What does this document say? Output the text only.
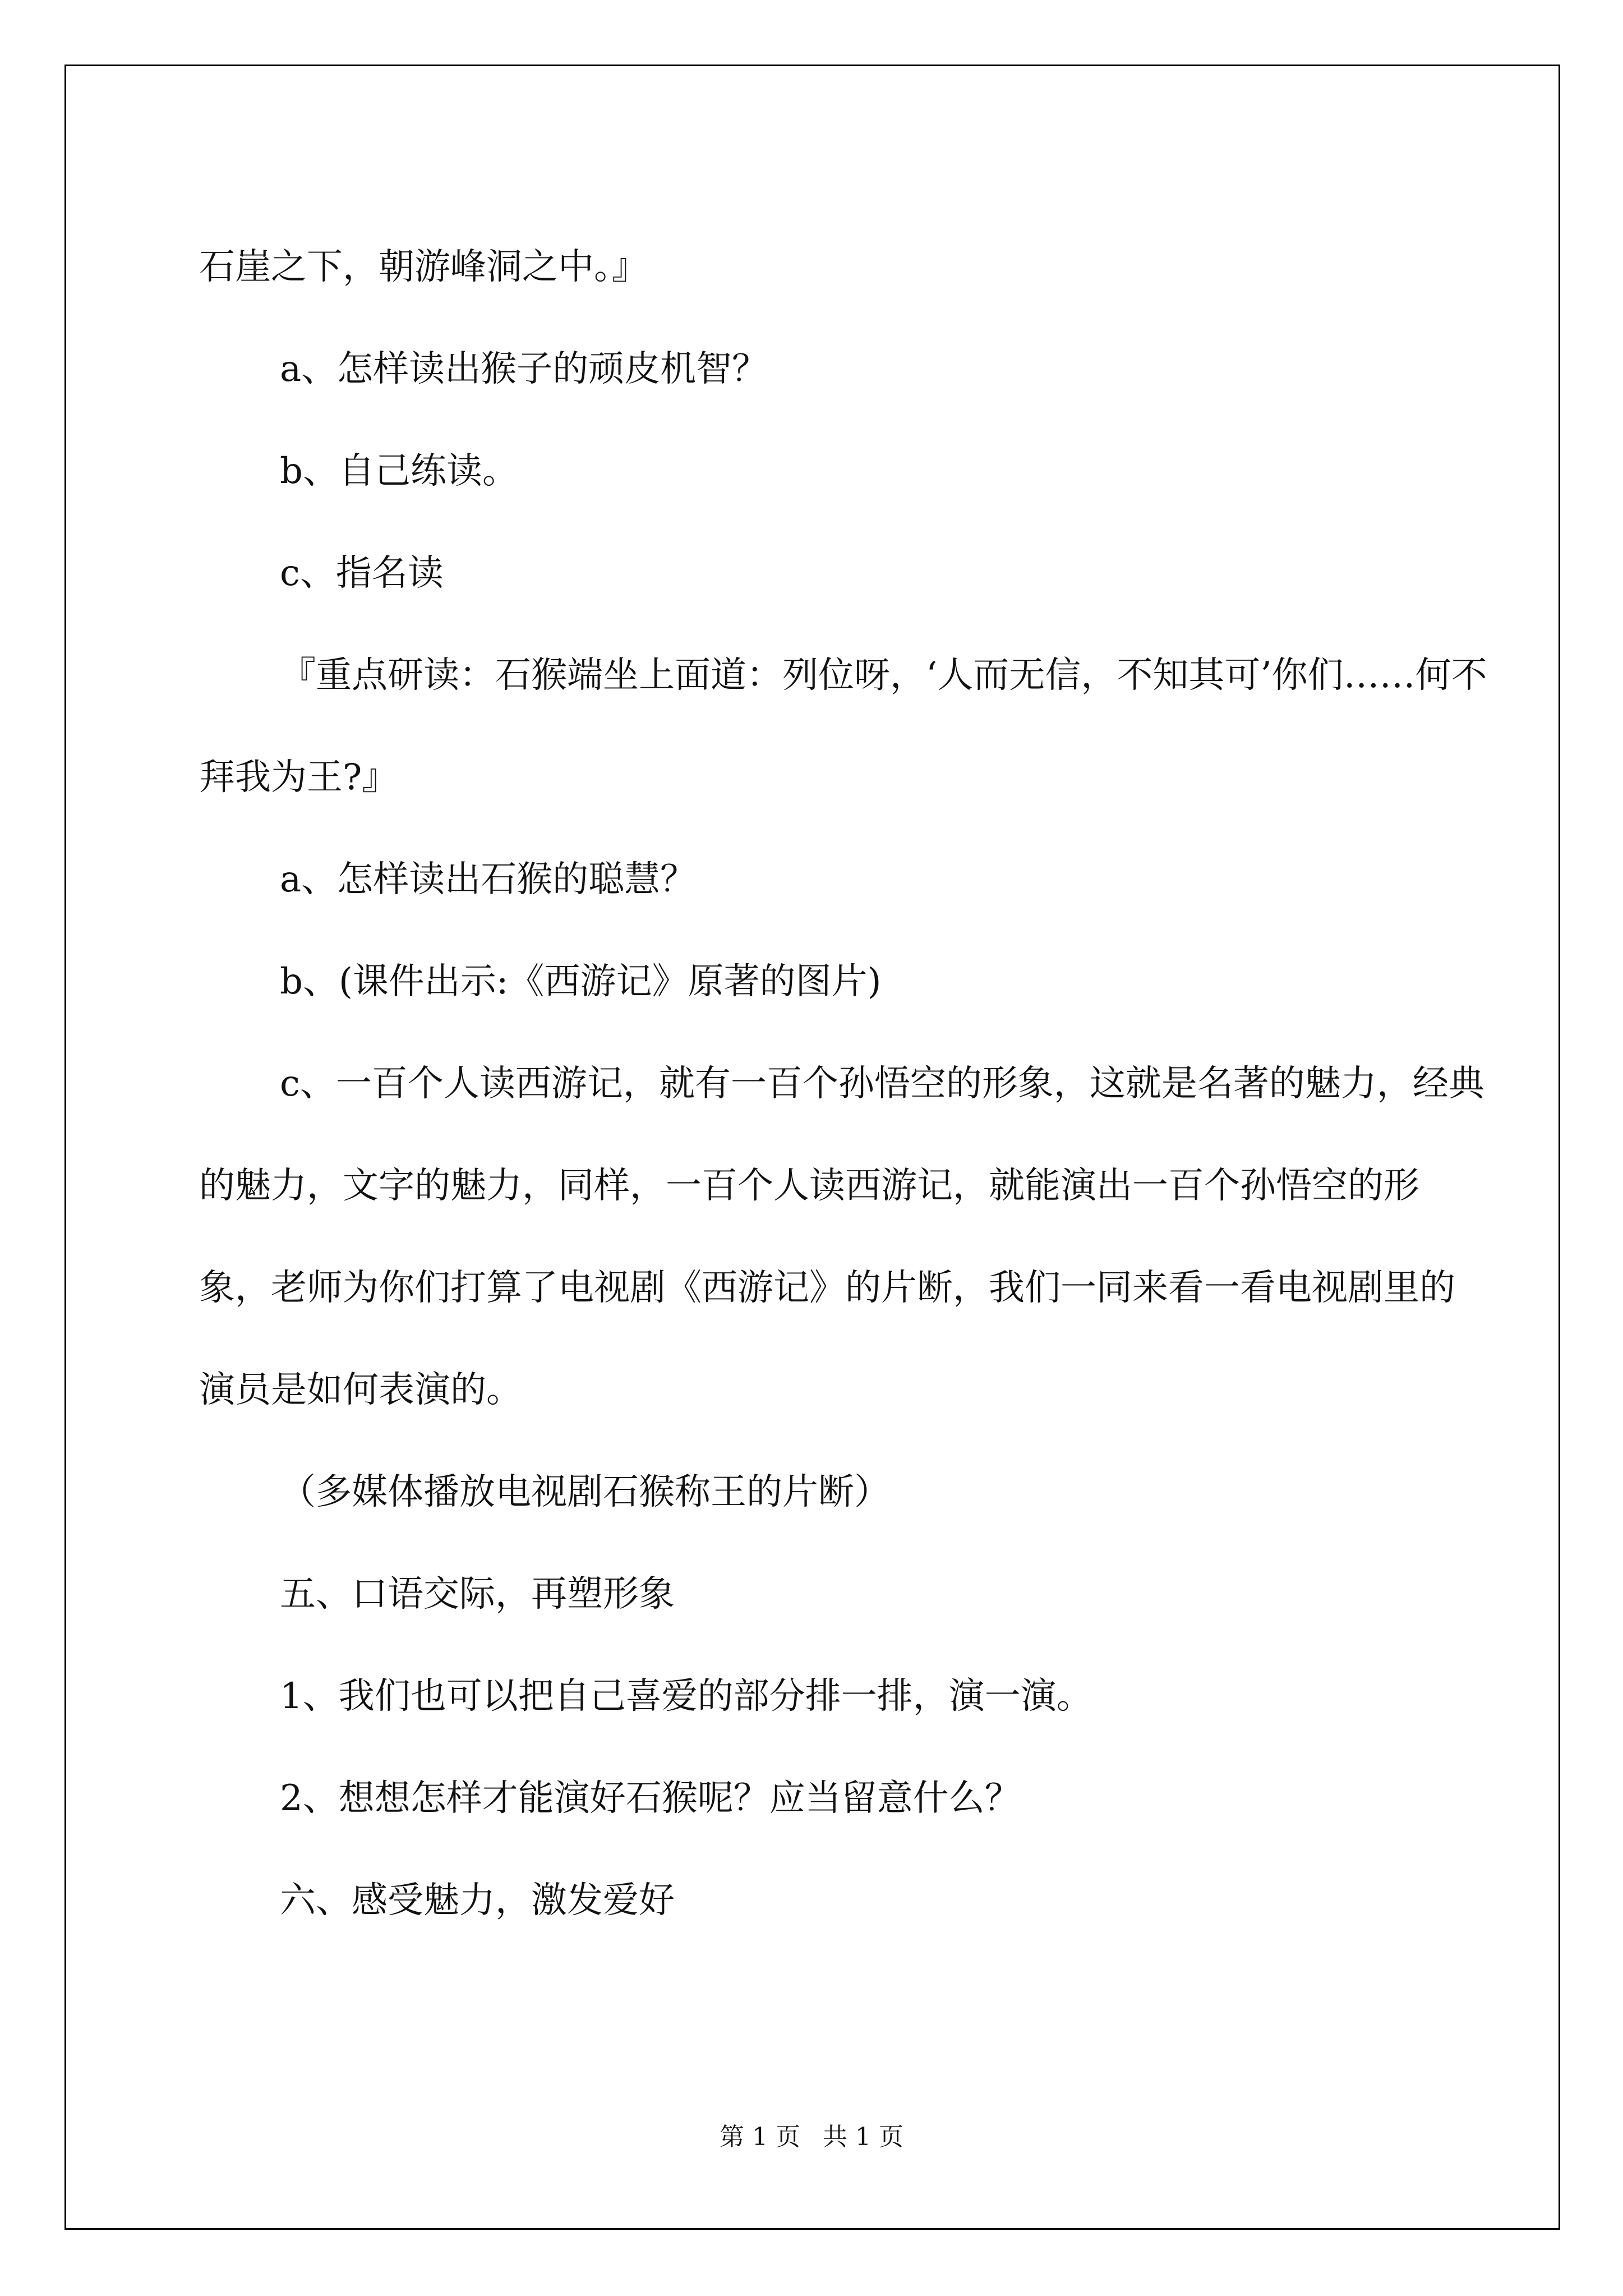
石崖之下，朝游峰洞之中。』

a、怎样读出猴子的顽皮机智？

b、自己练读。

c、指名读

『重点研读：石猴端坐上面道：列位呀，‘人而无信，不知其可’你们……何不拜我为王?』

a、怎样读出石猴的聪慧？

b、(课件出示:《西游记》原著的图片)

c、一百个人读西游记，就有一百个孙悟空的形象，这就是名著的魅力，经典的魅力，文字的魅力，同样，一百个人读西游记，就能演出一百个孙悟空的形象，老师为你们打算了电视剧《西游记》的片断，我们一同来看一看电视剧里的演员是如何表演的。

（多媒体播放电视剧石猴称王的片断）

五、口语交际，再塑形象

1、我们也可以把自己喜爱的部分排一排，演一演。

2、想想怎样才能演好石猴呢？应当留意什么？

六、感受魅力，激发爱好

第 1 页 共 1 页
